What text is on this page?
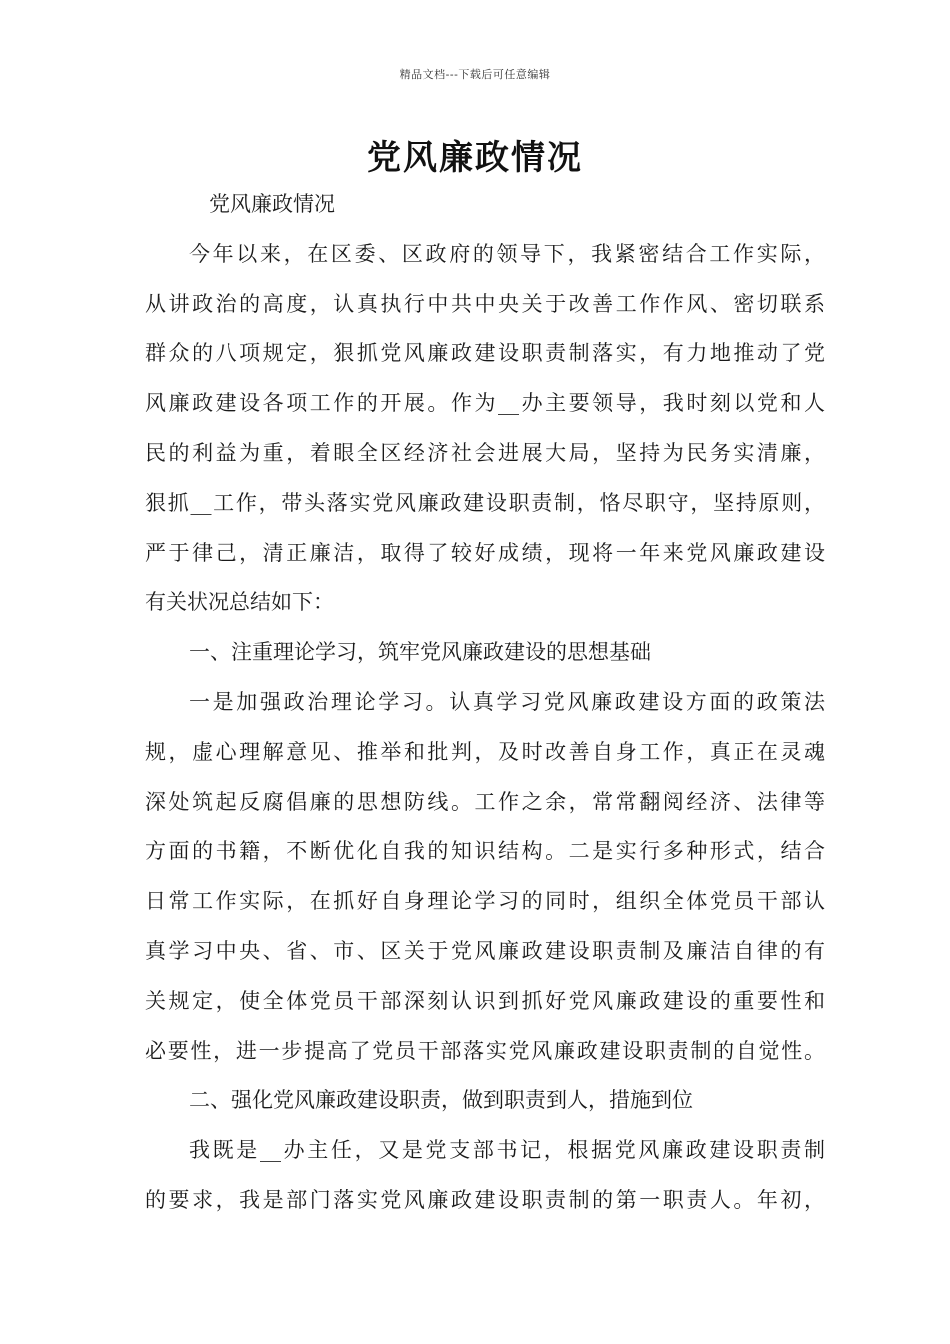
精品文档---下载后可任意编辑
党风廉政情况
党风廉政情况
今年以来，在区委、区政府的领导下，我紧密结合工作实际，
从讲政治的高度，认真执行中共中央关于改善工作作风、密切联系
群众的八项规定，狠抓党风廉政建设职责制落实，有力地推动了党
风廉政建设各项工作的开展。作为__办主要领导，我时刻以党和人
民的利益为重，着眼全区经济社会进展大局，坚持为民务实清廉，
狠抓__工作，带头落实党风廉政建设职责制，恪尽职守，坚持原则，
严于律己，清正廉洁，取得了较好成绩，现将一年来党风廉政建设
有关状况总结如下：
一、注重理论学习，筑牢党风廉政建设的思想基础
一是加强政治理论学习。认真学习党风廉政建设方面的政策法
规，虚心理解意见、推举和批判，及时改善自身工作，真正在灵魂
深处筑起反腐倡廉的思想防线。工作之余，常常翻阅经济、法律等
方面的书籍，不断优化自我的知识结构。二是实行多种形式，结合
日常工作实际，在抓好自身理论学习的同时，组织全体党员干部认
真学习中央、省、市、区关于党风廉政建设职责制及廉洁自律的有
关规定，使全体党员干部深刻认识到抓好党风廉政建设的重要性和
必要性，进一步提高了党员干部落实党风廉政建设职责制的自觉性。
二、强化党风廉政建设职责，做到职责到人，措施到位
我既是__办主任，又是党支部书记，根据党风廉政建设职责制
的要求，我是部门落实党风廉政建设职责制的第一职责人。年初，
